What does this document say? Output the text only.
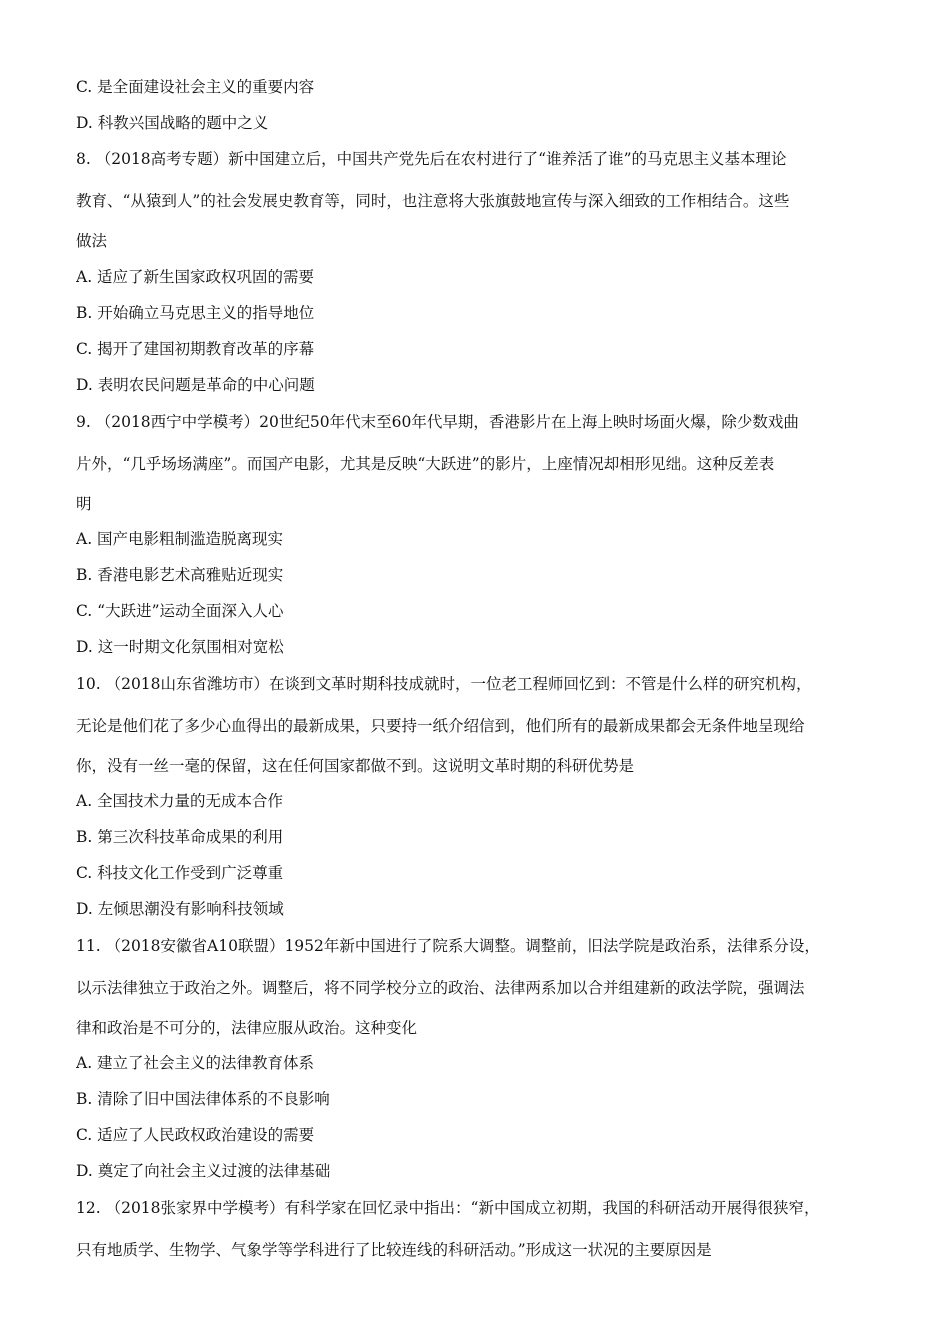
C. 是全面建设社会主义的重要内容
D. 科教兴国战略的题中之义
8. （2018高考专题）新中国建立后，中国共产党先后在农村进行了“谁养活了谁”的马克思主义基本理论
教育、“从猿到人”的社会发展史教育等，同时，也注意将大张旗鼓地宣传与深入细致的工作相结合。这些
做法
A. 适应了新生国家政权巩固的需要
B. 开始确立马克思主义的指导地位
C. 揭开了建国初期教育改革的序幕
D. 表明农民问题是革命的中心问题
9. （2018西宁中学模考）20世纪50年代末至60年代早期，香港影片在上海上映时场面火爆，除少数戏曲
片外，“几乎场场满座”。而国产电影，尤其是反映“大跃进”的影片，上座情况却相形见绌。这种反差表
明
A. 国产电影粗制滥造脱离现实
B. 香港电影艺术高雅贴近现实
C. “大跃进”运动全面深入人心
D. 这一时期文化氛围相对宽松
10. （2018山东省潍坊市）在谈到文革时期科技成就时，一位老工程师回忆到：不管是什么样的研究机构，
无论是他们花了多少心血得出的最新成果，只要持一纸介绍信到，他们所有的最新成果都会无条件地呈现给
你，没有一丝一毫的保留，这在任何国家都做不到。这说明文革时期的科研优势是
A. 全国技术力量的无成本合作
B. 第三次科技革命成果的利用
C. 科技文化工作受到广泛尊重
D. 左倾思潮没有影响科技领域
11. （2018安徽省A10联盟）1952年新中国进行了院系大调整。调整前，旧法学院是政治系，法律系分设，
以示法律独立于政治之外。调整后，将不同学校分立的政治、法律两系加以合并组建新的政法学院，强调法
律和政治是不可分的，法律应服从政治。这种变化
A. 建立了社会主义的法律教育体系
B. 清除了旧中国法律体系的不良影响
C. 适应了人民政权政治建设的需要
D. 奠定了向社会主义过渡的法律基础
12. （2018张家界中学模考）有科学家在回忆录中指出：“新中国成立初期，我国的科研活动开展得很狭窄，
只有地质学、生物学、气象学等学科进行了比较连线的科研活动。”形成这一状况的主要原因是
